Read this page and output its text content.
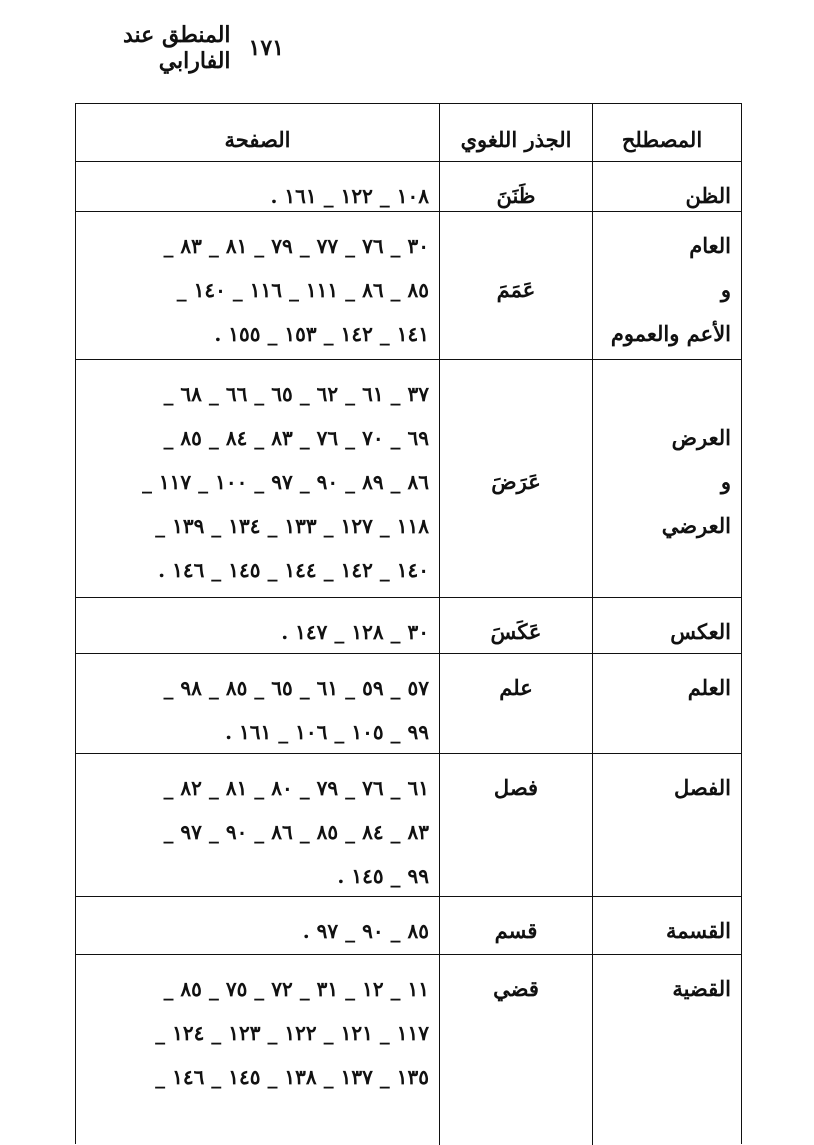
١٧١
المنطق عند الفارابي
المصطلح
الجذر اللغوي
الصفحة
الظن
ظَنَنَ
١٠٨ _ ١٢٢ _ ١٦١ .
العام
و
الأعم والعموم
عَمَمَ
٣٠ _ ٧٦ _ ٧٧ _ ٧٩ _ ٨١ _ ٨٣ _
٨٥ _ ٨٦ _ ١١١ _ ١١٦ _ ١٤٠ _
١٤١ _ ١٤٢ _ ١٥٣ _ ١٥٥ .
العرض
و
العرضي
عَرَضَ
٣٧ _ ٦١ _ ٦٢ _ ٦٥ _ ٦٦ _ ٦٨ _
٦٩ _ ٧٠ _ ٧٦ _ ٨٣ _ ٨٤ _ ٨٥ _
٨٦ _ ٨٩ _ ٩٠ _ ٩٧ _ ١٠٠ _ ١١٧ _
١١٨ _ ١٢٧ _ ١٣٣ _ ١٣٤ _ ١٣٩ _
١٤٠ _ ١٤٢ _ ١٤٤ _ ١٤٥ _ ١٤٦ .
العكس
عَكَسَ
٣٠ _ ١٢٨ _ ١٤٧ .
العلم
علم
٥٧ _ ٥٩ _ ٦١ _ ٦٥ _ ٨٥ _ ٩٨ _
٩٩ _ ١٠٥ _ ١٠٦ _ ١٦١ .
الفصل
فصل
٦١ _ ٧٦ _ ٧٩ _ ٨٠ _ ٨١ _ ٨٢ _
٨٣ _ ٨٤ _ ٨٥ _ ٨٦ _ ٩٠ _ ٩٧ _
٩٩ _ ١٤٥ .
القسمة
قسم
٨٥ _ ٩٠ _ ٩٧ .
القضية
قضي
١١ _ ١٢ _ ٣١ _ ٧٢ _ ٧٥ _ ٨٥ _
١١٧ _ ١٢١ _ ١٢٢ _ ١٢٣ _ ١٢٤ _
١٣٥ _ ١٣٧ _ ١٣٨ _ ١٤٥ _ ١٤٦ _
